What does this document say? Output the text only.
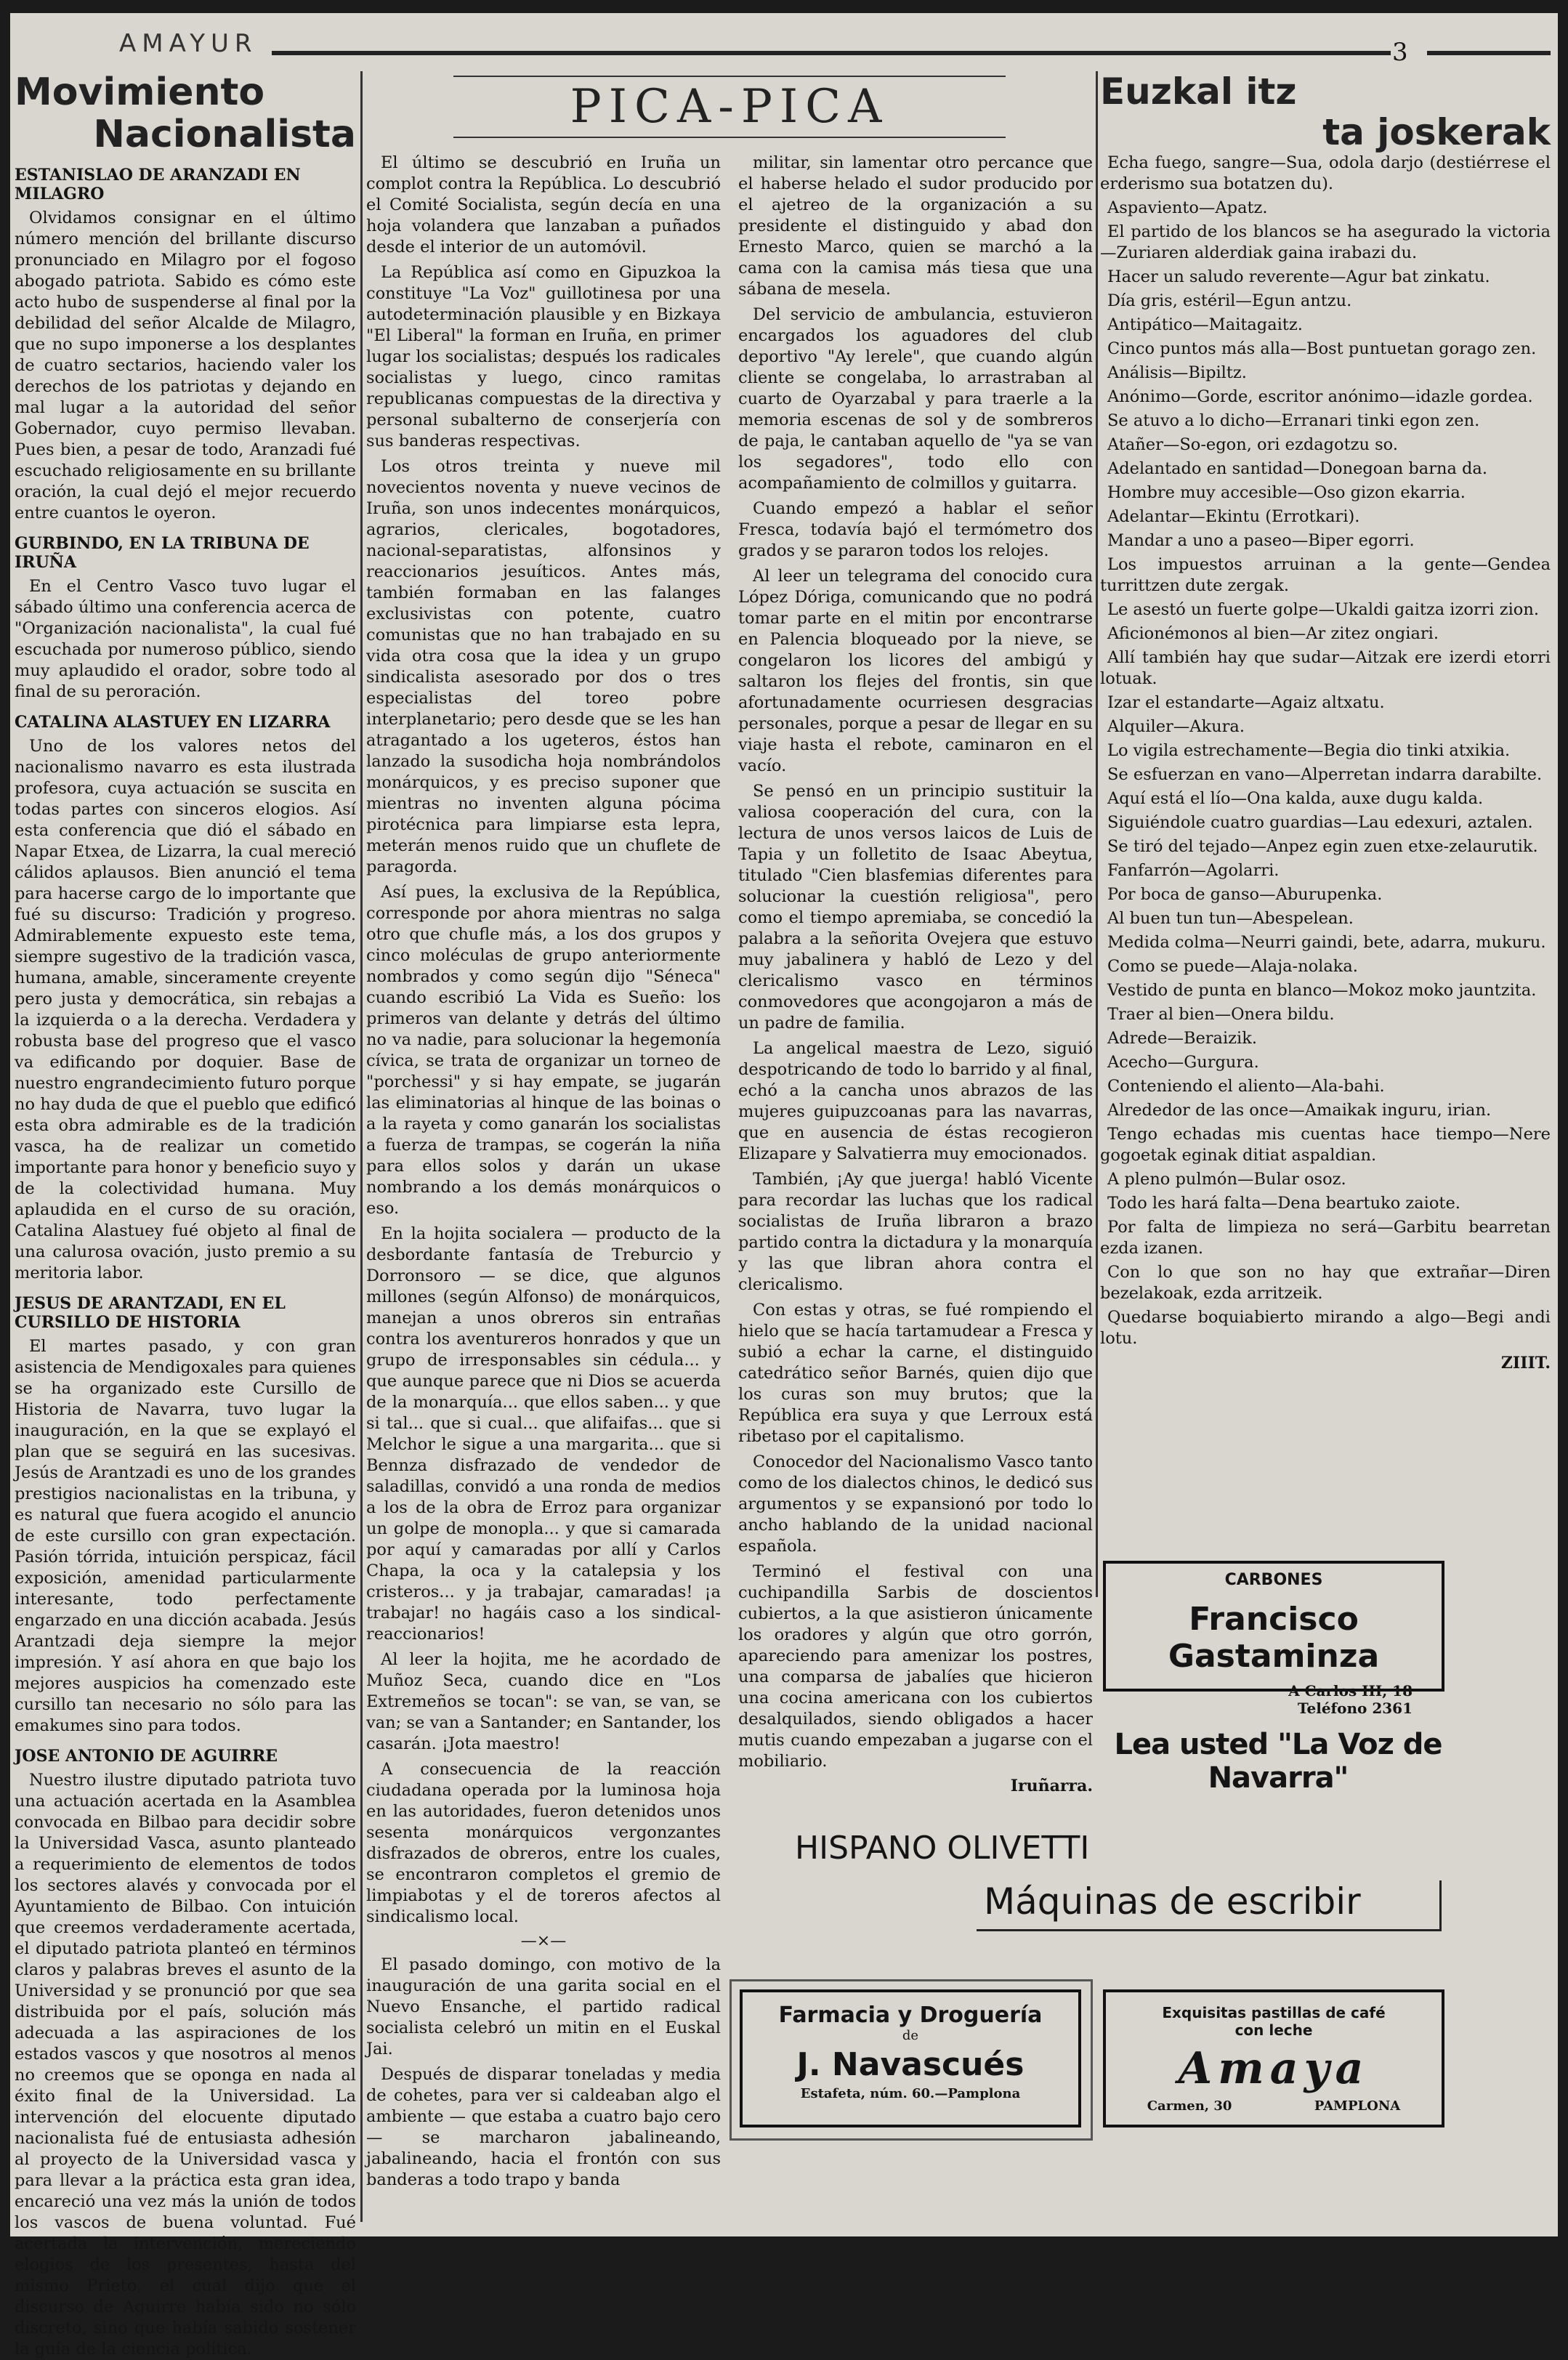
AMAYUR	3
Movimiento
Nacionalista
ESTANISLAO DE ARANZADI EN MILAGRO

Olvidamos consignar en el último número mención del brillante discurso pronunciado en Milagro por el fogoso abogado patriota. Sabido es cómo este acto hubo de suspenderse al final por la debilidad del señor Alcalde de Milagro, que no supo imponerse a los desplantes de cuatro sectarios, haciendo valer los derechos de los patriotas y dejando en mal lugar a la autoridad del señor Gobernador, cuyo permiso llevaban. Pues bien, a pesar de todo, Aranzadi fué escuchado religiosamente en su brillante oración, la cual dejó el mejor recuerdo entre cuantos le oyeron.

GURBINDO, EN LA TRIBUNA DE IRUÑA

En el Centro Vasco tuvo lugar el sábado último una conferencia acerca de "Organización nacionalista", la cual fué escuchada por numeroso público, siendo muy aplaudido el orador, sobre todo al final de su peroración.

CATALINA ALASTUEY EN LIZARRA

Uno de los valores netos del nacionalismo navarro es esta ilustrada profesora, cuya actuación se suscita en todas partes con sinceros elogios. Así esta conferencia que dió el sábado en Napar Etxea, de Lizarra, la cual mereció cálidos aplausos. Bien anunció el tema para hacerse cargo de lo importante que fué su discurso: Tradición y progreso. Admirablemente expuesto este tema, siempre sugestivo de la tradición vasca, humana, amable, sinceramente creyente pero justa y democrática, sin rebajas a la izquierda o a la derecha. Verdadera y robusta base del progreso que el vasco va edificando por doquier. Base de nuestro engrandecimiento futuro porque no hay duda de que el pueblo que edificó esta obra admirable es de la tradición vasca, ha de realizar un cometido importante para honor y beneficio suyo y de la colectividad humana. Muy aplaudida en el curso de su oración, Catalina Alastuey fué objeto al final de una calurosa ovación, justo premio a su meritoria labor.

JESUS DE ARANTZADI, EN EL CURSILLO DE HISTORIA

El martes pasado, y con gran asistencia de Mendigoxales para quienes se ha organizado este Cursillo de Historia de Navarra, tuvo lugar la inauguración, en la que se explayó el plan que se seguirá en las sucesivas. Jesús de Arantzadi es uno de los grandes prestigios nacionalistas en la tribuna, y es natural que fuera acogido el anuncio de este cursillo con gran expectación. Pasión tórrida, intuición perspicaz, fácil exposición, amenidad particularmente interesante, todo perfectamente engarzado en una dicción acabada. Jesús Arantzadi deja siempre la mejor impresión. Y así ahora en que bajo los mejores auspicios ha comenzado este cursillo tan necesario no sólo para las emakumes sino para todos.

JOSE ANTONIO DE AGUIRRE

Nuestro ilustre diputado patriota tuvo una actuación acertada en la Asamblea convocada en Bilbao para decidir sobre la Universidad Vasca, asunto planteado a requerimiento de elementos de todos los sectores alavés y convocada por el Ayuntamiento de Bilbao. Con intuición que creemos verdaderamente acertada, el diputado patriota planteó en términos claros y palabras breves el asunto de la Universidad y se pronunció por que sea distribuida por el país, solución más adecuada a las aspiraciones de los estados vascos y que nosotros al menos no creemos que se oponga en nada al éxito final de la Universidad. La intervención del elocuente diputado nacionalista fué de entusiasta adhesión al proyecto de la Universidad vasca y para llevar a la práctica esta gran idea, encareció una vez más la unión de todos los vascos de buena voluntad. Fué acertada la intervención, mereciendo elogios de los presentes, hasta del mismo Prieto, el cual dijo que el discurso de Aguirre había sido no sólo discreto, sino que había sabido sostener la guía de la ciencia política.

PICA-PICA

El último se descubrió en Iruña un complot contra la República. Lo descubrió el Comité Socialista, según decía en una hoja volandera que lanzaban a puñados desde el interior de un automóvil.

La República así como en Gipuzkoa la constituye "La Voz" guillotinesa por una autodeterminación plausible y en Bizkaya "El Liberal" la forman en Iruña, en primer lugar los socialistas; después los radicales socialistas y luego, cinco ramitas republicanas compuestas de la directiva y personal subalterno de conserjería con sus banderas respectivas.

Los otros treinta y nueve mil novecientos noventa y nueve vecinos de Iruña, son unos indecentes monárquicos, agrarios, clericales, bogotadores, nacional-separatistas, alfonsinos y reaccionarios jesuíticos. Antes más, también formaban en las falanges exclusivistas con potente, cuatro comunistas que no han trabajado en su vida otra cosa que la idea y un grupo sindicalista asesorado por dos o tres especialistas del toreo pobre interplanetario; pero desde que se les han atragantado a los ugeteros, éstos han lanzado la susodicha hoja nombrándolos monárquicos, y es preciso suponer que mientras no inventen alguna pócima pirotécnica para limpiarse esta lepra, meterán menos ruido que un chuflete de paragorda.

Así pues, la exclusiva de la República, corresponde por ahora mientras no salga otro que chufle más, a los dos grupos y cinco moléculas de grupo anteriormente nombrados y como según dijo "Séneca" cuando escribió La Vida es Sueño: los primeros van delante y detrás del último no va nadie, para solucionar la hegemonía cívica, se trata de organizar un torneo de "porchessi" y si hay empate, se jugarán las eliminatorias al hinque de las boinas o a la rayeta y como ganarán los socialistas a fuerza de trampas, se cogerán la niña para ellos solos y darán un ukase nombrando a los demás monárquicos o eso.

En la hojita socialera — producto de la desbordante fantasía de Treburcio y Dorronsoro — se dice, que algunos millones (según Alfonso) de monárquicos, manejan a unos obreros sin entrañas contra los aventureros honrados y que un grupo de irresponsables sin cédula... y que aunque parece que ni Dios se acuerda de la monarquía... que ellos saben... y que si tal... que si cual... que alifaifas... que si Melchor le sigue a una margarita... que si Bennza disfrazado de vendedor de saladillas, convidó a una ronda de medios a los de la obra de Erroz para organizar un golpe de monopla... y que si camarada por aquí y camaradas por allí y Carlos Chapa, la oca y la catalepsia y los cristeros... y ja trabajar, camaradas! ¡a trabajar! no hagáis caso a los sindical-reaccionarios!

Al leer la hojita, me he acordado de Muñoz Seca, cuando dice en "Los Extremeños se tocan": se van, se van, se van; se van a Santander; en Santander, los casarán. ¡Jota maestro!

A consecuencia de la reacción ciudadana operada por la luminosa hoja en las autoridades, fueron detenidos unos sesenta monárquicos vergonzantes disfrazados de obreros, entre los cuales, se encontraron completos el gremio de limpiabotas y el de toreros afectos al sindicalismo local.

—×—

El pasado domingo, con motivo de la inauguración de una garita social en el Nuevo Ensanche, el partido radical socialista celebró un mitin en el Euskal Jai.

Después de disparar toneladas y media de cohetes, para ver si caldeaban algo el ambiente — que estaba a cuatro bajo cero — se marcharon jabalineando, jabalineando, hacia el frontón con sus banderas a todo trapo y banda

militar, sin lamentar otro percance que el haberse helado el sudor producido por el ajetreo de la organización a su presidente el distinguido y abad don Ernesto Marco, quien se marchó a la cama con la camisa más tiesa que una sábana de mesela.

Del servicio de ambulancia, estuvieron encargados los aguadores del club deportivo "Ay lerele", que cuando algún cliente se congelaba, lo arrastraban al cuarto de Oyarzabal y para traerle a la memoria escenas de sol y de sombreros de paja, le cantaban aquello de "ya se van los segadores", todo ello con acompañamiento de colmillos y guitarra.

Cuando empezó a hablar el señor Fresca, todavía bajó el termómetro dos grados y se pararon todos los relojes.

Al leer un telegrama del conocido cura López Dóriga, comunicando que no podrá tomar parte en el mitin por encontrarse en Palencia bloqueado por la nieve, se congelaron los licores del ambigú y saltaron los flejes del frontis, sin que afortunadamente ocurriesen desgracias personales, porque a pesar de llegar en su viaje hasta el rebote, caminaron en el vacío.

Se pensó en un principio sustituir la valiosa cooperación del cura, con la lectura de unos versos laicos de Luis de Tapia y un folletito de Isaac Abeytua, titulado "Cien blasfemias diferentes para solucionar la cuestión religiosa", pero como el tiempo apremiaba, se concedió la palabra a la señorita Ovejera que estuvo muy jabalinera y habló de Lezo y del clericalismo vasco en términos conmovedores que acongojaron a más de un padre de familia.

La angelical maestra de Lezo, siguió despotricando de todo lo barrido y al final, echó a la cancha unos abrazos de las mujeres guipuzcoanas para las navarras, que en ausencia de éstas recogieron Elizapare y Salvatierra muy emocionados.

También, ¡Ay que juerga! habló Vicente para recordar las luchas que los radical socialistas de Iruña libraron a brazo partido contra la dictadura y la monarquía y las que libran ahora contra el clericalismo.

Con estas y otras, se fué rompiendo el hielo que se hacía tartamudear a Fresca y subió a echar la carne, el distinguido catedrático señor Barnés, quien dijo que los curas son muy brutos; que la República era suya y que Lerroux está ribetaso por el capitalismo.

Conocedor del Nacionalismo Vasco tanto como de los dialectos chinos, le dedicó sus argumentos y se expansionó por todo lo ancho hablando de la unidad nacional española.

Terminó el festival con una cuchipandilla Sarbis de doscientos cubiertos, a la que asistieron únicamente los oradores y algún que otro gorrón, apareciendo para amenizar los postres, una comparsa de jabalíes que hicieron una cocina americana con los cubiertos desalquilados, siendo obligados a hacer mutis cuando empezaban a jugarse con el mobiliario.

Iruñarra.
Euzkal itz
ta joskerak

Echa fuego, sangre—Sua, odola darjo (destiérrese el erderismo sua botatzen du).

Aspaviento—Apatz.

El partido de los blancos se ha asegurado la victoria—Zuriaren alderdiak gaina irabazi du.

Hacer un saludo reverente—Agur bat zinkatu.

Día gris, estéril—Egun antzu.

Antipático—Maitagaitz.

Cinco puntos más alla—Bost puntuetan gorago zen.

Análisis—Bipiltz.

Anónimo—Gorde, escritor anónimo—idazle gordea.

Se atuvo a lo dicho—Erranari tinki egon zen.

Atañer—So-egon, ori ezdagotzu so.

Adelantado en santidad—Donegoan barna da.

Hombre muy accesible—Oso gizon ekarria.

Adelantar—Ekintu (Errotkari).

Mandar a uno a paseo—Biper egorri.

Los impuestos arruinan a la gente—Gendea turrittzen dute zergak.

Le asestó un fuerte golpe—Ukaldi gaitza izorri zion.

Aficionémonos al bien—Ar zitez ongiari.

Allí también hay que sudar—Aitzak ere izerdi etorri lotuak.

Izar el estandarte—Agaiz altxatu.

Alquiler—Akura.

Lo vigila estrechamente—Begia dio tinki atxikia.

Se esfuerzan en vano—Alperretan indarra darabilte.

Aquí está el lío—Ona kalda, auxe dugu kalda.

Siguiéndole cuatro guardias—Lau edexuri, aztalen.

Se tiró del tejado—Anpez egin zuen etxe-zelaurutik.

Fanfarrón—Agolarri.

Por boca de ganso—Aburupenka.

Al buen tun tun—Abespelean.

Medida colma—Neurri gaindi, bete, adarra, mukuru.

Como se puede—Alaja-nolaka.

Vestido de punta en blanco—Mokoz moko jauntzita.

Traer al bien—Onera bildu.

Adrede—Beraizik.

Acecho—Gurgura.

Conteniendo el aliento—Ala-bahi.

Alrededor de las once—Amaikak inguru, irian.

Tengo echadas mis cuentas hace tiempo—Nere gogoetak eginak ditiat aspaldian.

A pleno pulmón—Bular osoz.

Todo les hará falta—Dena beartuko zaiote.

Por falta de limpieza no será—Garbitu bearretan ezda izanen.

Con lo que son no hay que extrañar—Diren bezelakoak, ezda arritzeik.

Quedarse boquiabierto mirando a algo—Begi andi lotu.

ZIIIT.
CARBONES
Francisco Gastaminza
A Carlos III, 18
Teléfono 2361
Lea usted "La Voz de Navarra"
HISPANO OLIVETTI
Máquinas de escribir
Farmacia y Droguería
de
J. Navascués
Estafeta, núm. 60.—Pamplona
Exquisitas pastillas de café
con leche
Amaya
Carmen, 30	PAMPLONA
